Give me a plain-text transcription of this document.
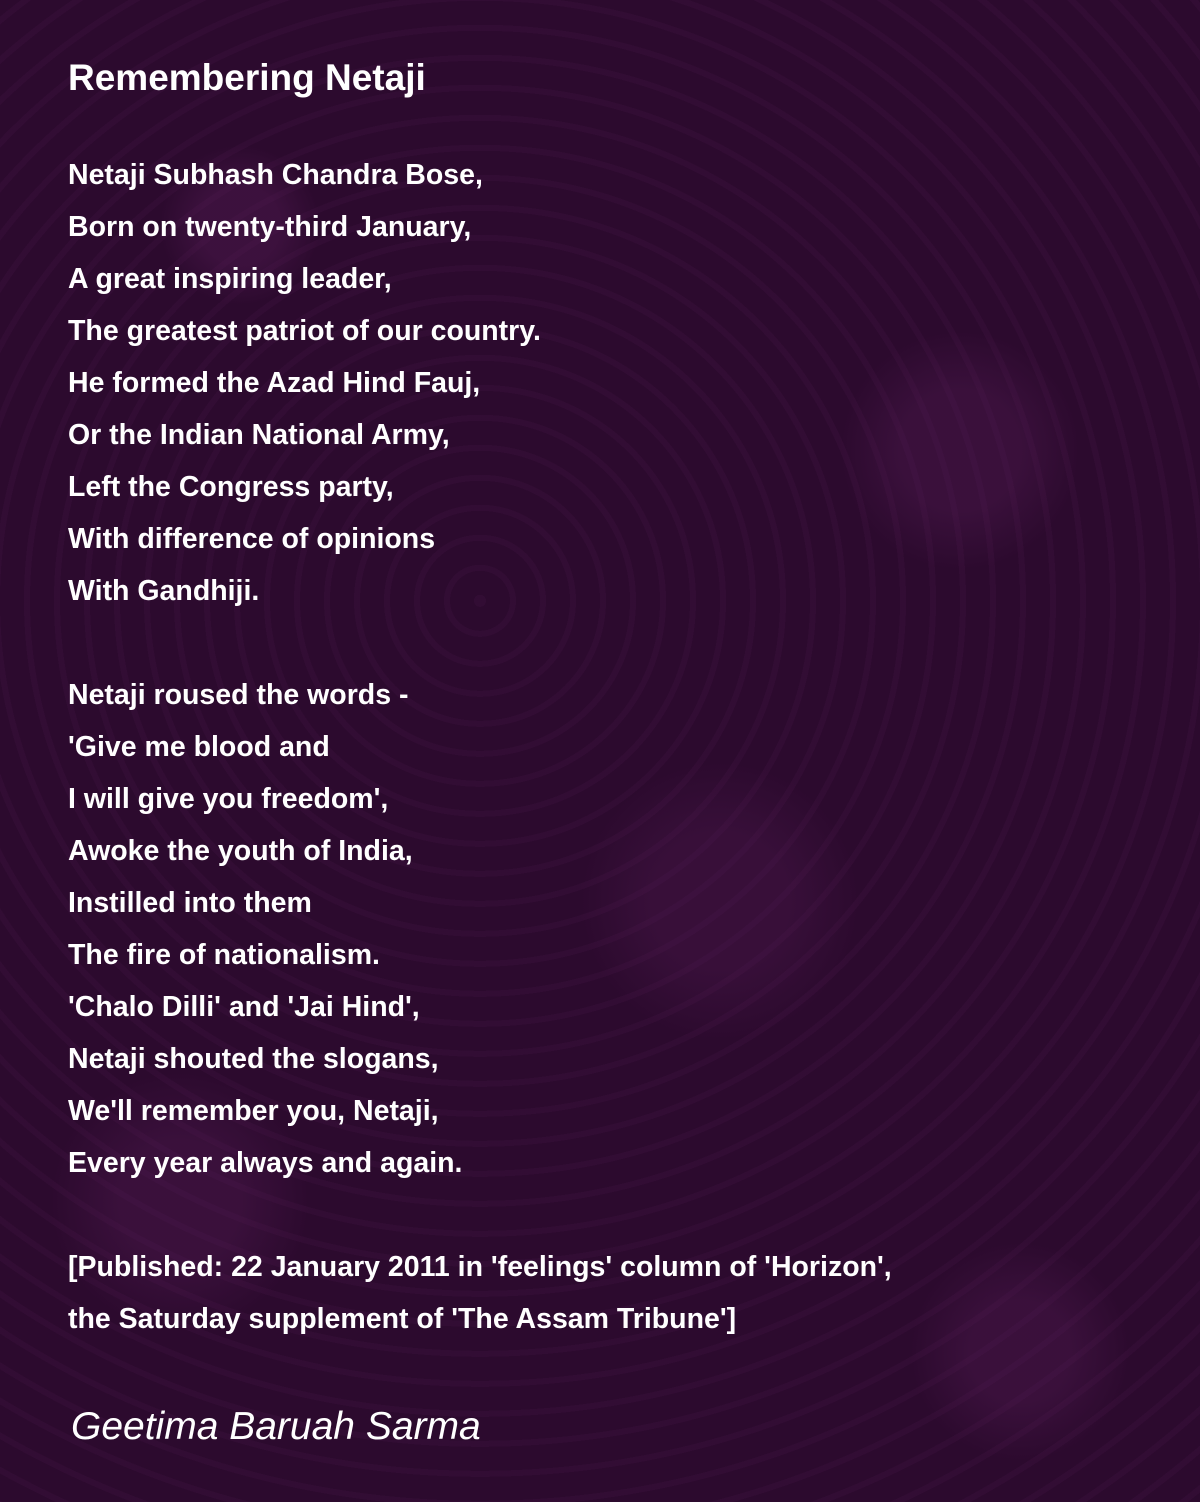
Remembering Netaji
Netaji Subhash Chandra Bose,
Born on twenty-third January,
A great inspiring leader,
The greatest patriot of our country.
He formed the Azad Hind Fauj,
Or the Indian National Army,
Left the Congress party,
With difference of opinions
With Gandhiji.
Netaji roused the words -
'Give me blood and
I will give you freedom',
Awoke the youth of India,
Instilled into them
The fire of nationalism.
'Chalo Dilli' and 'Jai Hind',
Netaji shouted the slogans,
We'll remember you, Netaji,
Every year always and again.
[Published: 22 January 2011 in 'feelings' column of 'Horizon',
the Saturday supplement of 'The Assam Tribune']
Geetima Baruah Sarma
